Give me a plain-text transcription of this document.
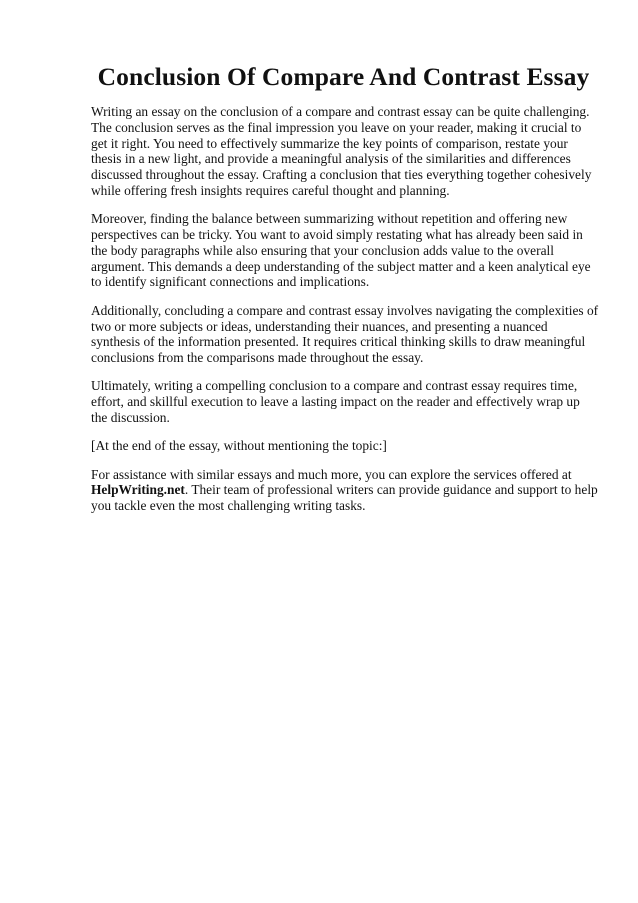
Conclusion Of Compare And Contrast Essay

Writing an essay on the conclusion of a compare and contrast essay can be quite challenging. The conclusion serves as the final impression you leave on your reader, making it crucial to get it right. You need to effectively summarize the key points of comparison, restate your thesis in a new light, and provide a meaningful analysis of the similarities and differences discussed throughout the essay. Crafting a conclusion that ties everything together cohesively while offering fresh insights requires careful thought and planning.

Moreover, finding the balance between summarizing without repetition and offering new perspectives can be tricky. You want to avoid simply restating what has already been said in the body paragraphs while also ensuring that your conclusion adds value to the overall argument. This demands a deep understanding of the subject matter and a keen analytical eye to identify significant connections and implications.

Additionally, concluding a compare and contrast essay involves navigating the complexities of two or more subjects or ideas, understanding their nuances, and presenting a nuanced synthesis of the information presented. It requires critical thinking skills to draw meaningful conclusions from the comparisons made throughout the essay.

Ultimately, writing a compelling conclusion to a compare and contrast essay requires time, effort, and skillful execution to leave a lasting impact on the reader and effectively wrap up the discussion.

[At the end of the essay, without mentioning the topic:]

For assistance with similar essays and much more, you can explore the services offered at HelpWriting.net. Their team of professional writers can provide guidance and support to help you tackle even the most challenging writing tasks.
